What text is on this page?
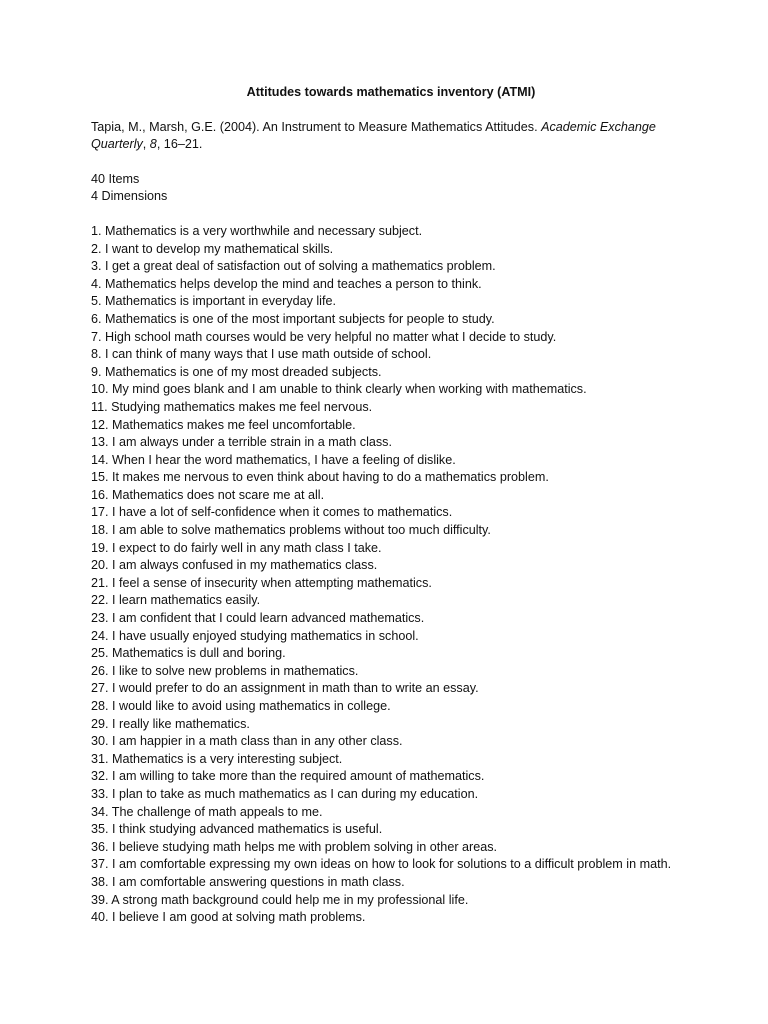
Attitudes towards mathematics inventory (ATMI)
Tapia, M., Marsh, G.E. (2004). An Instrument to Measure Mathematics Attitudes. Academic Exchange Quarterly, 8, 16–21.
40 Items
4 Dimensions
1. Mathematics is a very worthwhile and necessary subject.
2. I want to develop my mathematical skills.
3. I get a great deal of satisfaction out of solving a mathematics problem.
4. Mathematics helps develop the mind and teaches a person to think.
5. Mathematics is important in everyday life.
6. Mathematics is one of the most important subjects for people to study.
7. High school math courses would be very helpful no matter what I decide to study.
8. I can think of many ways that I use math outside of school.
9. Mathematics is one of my most dreaded subjects.
10. My mind goes blank and I am unable to think clearly when working with mathematics.
11. Studying mathematics makes me feel nervous.
12. Mathematics makes me feel uncomfortable.
13. I am always under a terrible strain in a math class.
14. When I hear the word mathematics, I have a feeling of dislike.
15. It makes me nervous to even think about having to do a mathematics problem.
16. Mathematics does not scare me at all.
17. I have a lot of self-confidence when it comes to mathematics.
18. I am able to solve mathematics problems without too much difficulty.
19. I expect to do fairly well in any math class I take.
20. I am always confused in my mathematics class.
21. I feel a sense of insecurity when attempting mathematics.
22. I learn mathematics easily.
23. I am confident that I could learn advanced mathematics.
24. I have usually enjoyed studying mathematics in school.
25. Mathematics is dull and boring.
26. I like to solve new problems in mathematics.
27. I would prefer to do an assignment in math than to write an essay.
28. I would like to avoid using mathematics in college.
29. I really like mathematics.
30. I am happier in a math class than in any other class.
31. Mathematics is a very interesting subject.
32. I am willing to take more than the required amount of mathematics.
33. I plan to take as much mathematics as I can during my education.
34. The challenge of math appeals to me.
35. I think studying advanced mathematics is useful.
36. I believe studying math helps me with problem solving in other areas.
37. I am comfortable expressing my own ideas on how to look for solutions to a difficult problem in math.
38. I am comfortable answering questions in math class.
39. A strong math background could help me in my professional life.
40. I believe I am good at solving math problems.
